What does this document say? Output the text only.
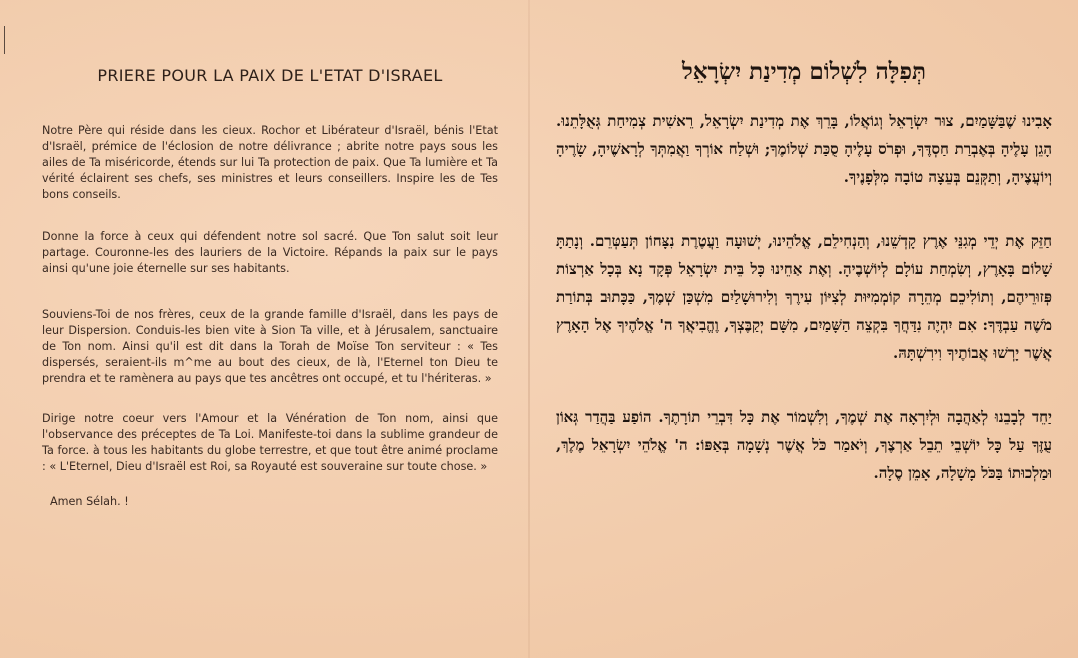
PRIERE POUR LA PAIX DE L'ETAT D'ISRAEL

Notre Père qui réside dans les cieux. Rochor et Libérateur d'Israël, bénis l'Etat d'Israël, prémice de l'éclosion de notre délivrance ; abrite notre pays sous les ailes de Ta miséricorde, étends sur lui Ta protection de paix. Que Ta lumière et Ta vérité éclairent ses chefs, ses ministres et leurs conseillers. Inspire les de Tes bons conseils.

Donne la force à ceux qui défendent notre sol sacré. Que Ton salut soit leur partage. Couronne-les des lauriers de la Victoire. Répands la paix sur le pays ainsi qu'une joie éternelle sur ses habitants.

Souviens-Toi de nos frères, ceux de la grande famille d'Israël, dans les pays de leur Dispersion. Conduis-les bien vite à Sion Ta ville, et à Jérusalem, sanctuaire de Ton nom. Ainsi qu'il est dit dans la Torah de Moïse Ton serviteur : « Tes dispersés, seraient-ils m^me au bout des cieux, de là, l'Eternel ton Dieu te prendra et te ramènera au pays que tes ancêtres ont occupé, et tu l'hériteras. »

Dirige notre coeur vers l'Amour et la Vénération de Ton nom, ainsi que l'observance des préceptes de Ta Loi. Manifeste-toi dans la sublime grandeur de Ta force. à tous les habitants du globe terrestre, et que tout être animé proclame : « L'Eternel, Dieu d'Israël est Roi, sa Royauté est souveraine sur toute chose. »

Amen Sélah. !
תְּפִלָּה לִשְׁלוֹם מְדִינַת יִשְׂרָאֵל

אָבִינוּ שֶׁבַּשָּׁמַיִם, צוּר יִשְׂרָאֵל וְגוֹאֲלוֹ, בָּרֵךְ אֶת מְדִינַת יִשְׂרָאֵל, רֵאשִׁית צְמִיחַת גְּאֻלָּתֵנוּ. הָגֵן עָלֶיהָ בְּאֶבְרַת חַסְדֶּךָ, וּפְרֹס עָלֶיהָ סֻכַּת שְׁלוֹמֶךָ; וּשְׁלַח אוֹרְךָ וַאֲמִתְּךָ לְרָאשֶׁיהָ, שָׂרֶיהָ וְיוֹעֲצֶיהָ, וְתַקְּנֵם בְּעֵצָה טוֹבָה מִלְּפָנֶיךָ.

חַזֵּק אֶת יְדֵי מְגִנֵּי אֶרֶץ קָדְשֵׁנוּ, וְהַנְחִילֵם, אֱלֹהֵינוּ, יְשׁוּעָה וַעֲטֶרֶת נִצָּחוֹן תְּעַטְּרֵם. וְנָתַתָּ שָׁלוֹם בָּאָרֶץ, וְשִׂמְחַת עוֹלָם לְיוֹשְׁבֶיהָ. וְאֶת אַחֵינוּ כָּל בֵּית יִשְׂרָאֵל פְּקָד נָא בְּכָל אַרְצוֹת פְּזוּרֵיהֶם, וְתוֹלִיכֵם מְהֵרָה קוֹמְמִיּוּת לְצִיּוֹן עִירֶךָ וְלִירוּשָׁלַיִם מִשְׁכַּן שְׁמֶךָ, כַּכָּתוּב בְּתוֹרַת מֹשֶׁה עַבְדֶּךָ: אִם יִהְיֶה נִדַּחֲךָ בִּקְצֵה הַשָּׁמַיִם, מִשָּׁם יְקַבֶּצְךָ, וֶהֱבִיאֲךָ ה' אֱלֹהֶיךָ אֶל הָאָרֶץ אֲשֶׁר יָרְשׁוּ אֲבוֹתֶיךָ וִירִשְׁתָּהּ.

יַחֵד לְבָבֵנוּ לְאַהֲבָה וּלְיִרְאָה אֶת שְׁמֶךָ, וְלִשְׁמוֹר אֶת כָּל דִּבְרֵי תוֹרָתֶךָ. הוֹפַע בַּהֲדַר גְּאוֹן עֻזֶּךָ עַל כָּל יוֹשְׁבֵי תֵבֵל אַרְצֶךָ, וְיֹאמַר כֹּל אֲשֶׁר נְשָׁמָה בְּאַפּוֹ: ה' אֱלֹהֵי יִשְׂרָאֵל מֶלֶךְ, וּמַלְכוּתוֹ בַּכֹּל מָשָׁלָה, אָמֵן סֶלָה.
